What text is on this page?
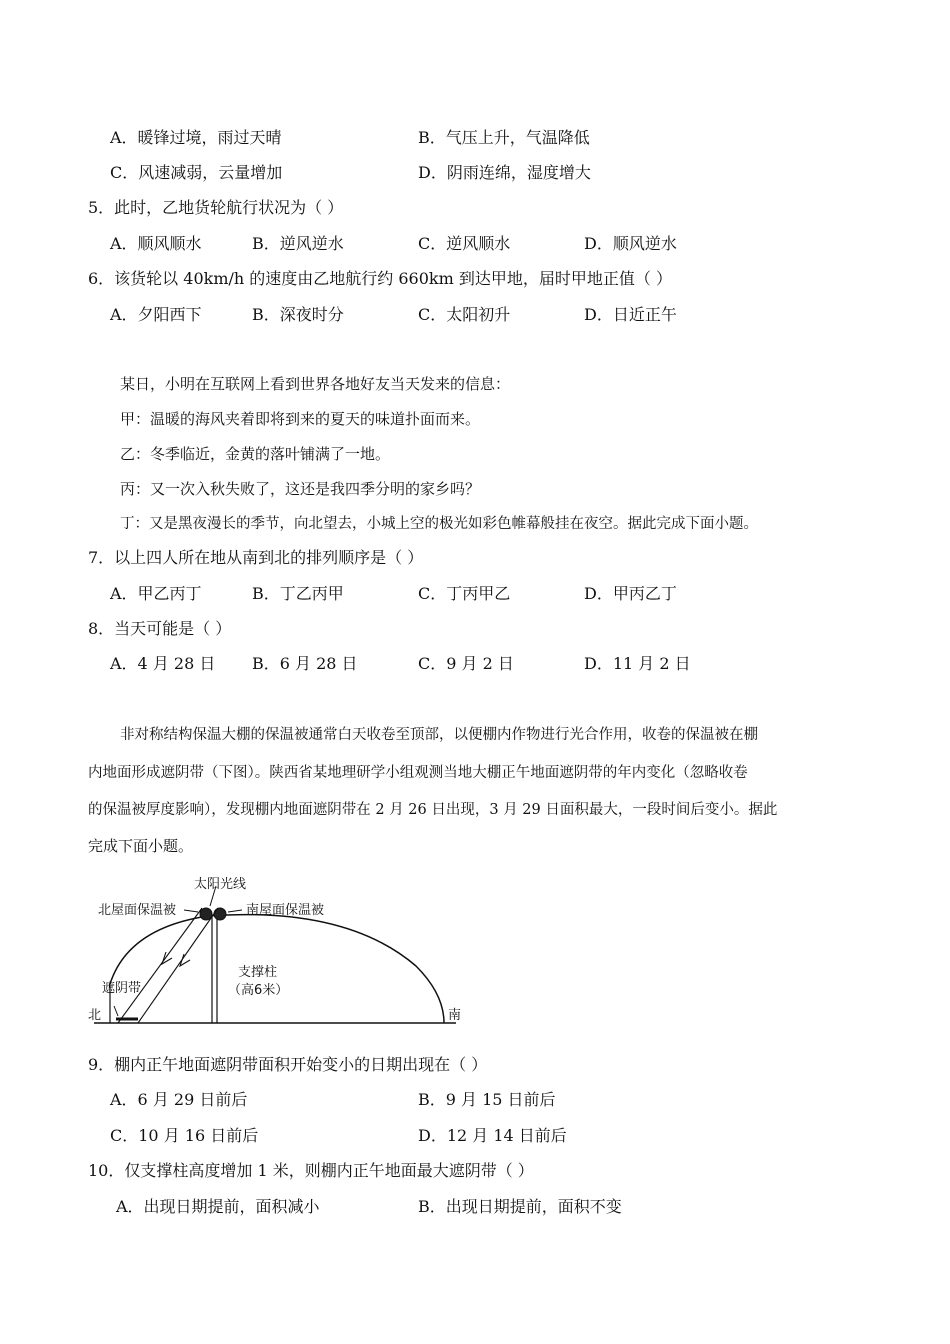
A．暖锋过境，雨过天晴	B．气压上升，气温降低
C．风速减弱，云量增加	D．阴雨连绵，湿度增大
5．此时，乙地货轮航行状况为（ ）
A．顺风顺水	B．逆风逆水	C．逆风顺水	D．顺风逆水
6．该货轮以 40km/h 的速度由乙地航行约 660km 到达甲地，届时甲地正值（ ）
A．夕阳西下	B．深夜时分	C．太阳初升	D．日近正午
某日，小明在互联网上看到世界各地好友当天发来的信息：
甲：温暖的海风夹着即将到来的夏天的味道扑面而来。
乙：冬季临近，金黄的落叶铺满了一地。
丙：又一次入秋失败了，这还是我四季分明的家乡吗？
丁：又是黑夜漫长的季节，向北望去，小城上空的极光如彩色帷幕般挂在夜空。据此完成下面小题。
7．以上四人所在地从南到北的排列顺序是（ ）
A．甲乙丙丁	B．丁乙丙甲	C．丁丙甲乙	D．甲丙乙丁
8．当天可能是（ ）
A．4 月 28 日 B．6 月 28 日	C．9 月 2 日	D．11 月 2 日
非对称结构保温大棚的保温被通常白天收卷至顶部，以便棚内作物进行光合作用，收卷的保温被在棚
内地面形成遮阴带（下图）。陕西省某地理研学小组观测当地大棚正午地面遮阴带的年内变化（忽略收卷
的保温被厚度影响），发现棚内地面遮阴带在 2 月 26 日出现，3 月 29 日面积最大，一段时间后变小。据此
完成下面小题。
太阳光线
北屋面保温被	南屋面保温被
支撑柱
（高6米）
遮阴带
北	南
9．棚内正午地面遮阴带面积开始变小的日期出现在（ ）
A．6 月 29 日前后	B．9 月 15 日前后
C．10 月 16 日前后	D．12 月 14 日前后
10．仅支撑柱高度增加 1 米，则棚内正午地面最大遮阴带（ ）
A．出现日期提前，面积减小	B．出现日期提前，面积不变
